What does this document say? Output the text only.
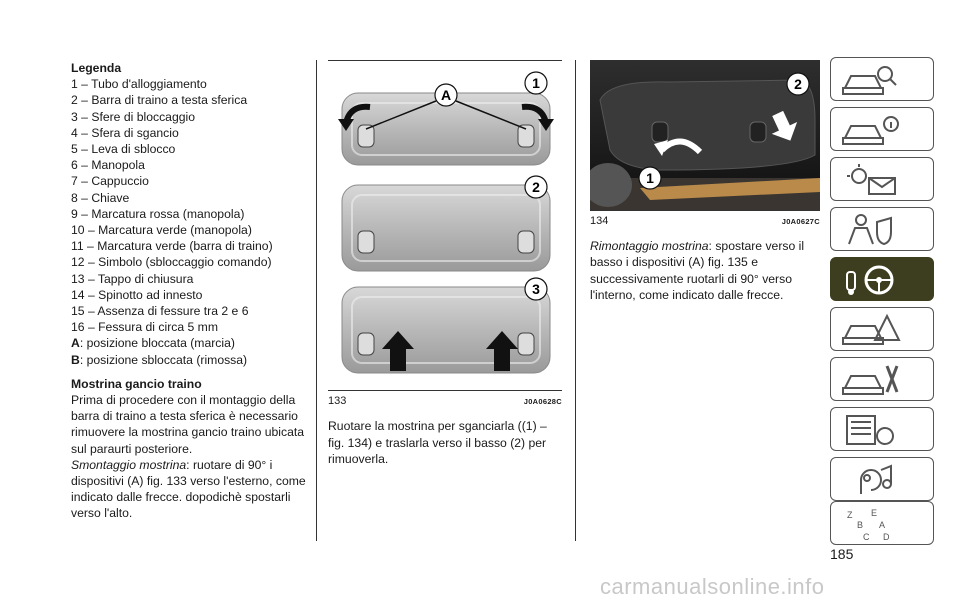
Legenda
1 – Tubo d'alloggiamento
2 – Barra di traino a testa sferica
3 – Sfere di bloccaggio
4 – Sfera di sgancio
5 – Leva di sblocco
6 – Manopola
7 – Cappuccio
8 – Chiave
9 – Marcatura rossa (manopola)
10 – Marcatura verde (manopola)
11 – Marcatura verde (barra di traino)
12 – Simbolo (sbloccaggio comando)
13 – Tappo di chiusura
14 – Spinotto ad innesto
15 – Assenza di fessure tra 2 e 6
16 – Fessura di circa 5 mm
A: posizione bloccata (marcia)
B: posizione sbloccata (rimossa)
Mostrina gancio traino

Prima di procedere con il montaggio della barra di traino a testa sferica è necessario rimuovere la mostrina gancio traino ubicata sul paraurti posteriore.

Smontaggio mostrina: ruotare di 90° i dispositivi (A) fig. 133 verso l'esterno, come indicato dalle frecce. dopodichè spostarli verso l'alto.

A
1
2
3
133	J0A0628C

Ruotare la mostrina per sganciarla ((1) – fig. 134) e traslarla verso il basso (2) per rimuoverla.

2
1
134	J0A0627C

Rimontaggio mostrina: spostare verso il basso i dispositivi (A) fig. 135 e successivamente ruotarli di 90° verso l'interno, come indicato dalle frecce.

Z E
B A
C D
185
carmanualsonline.info
